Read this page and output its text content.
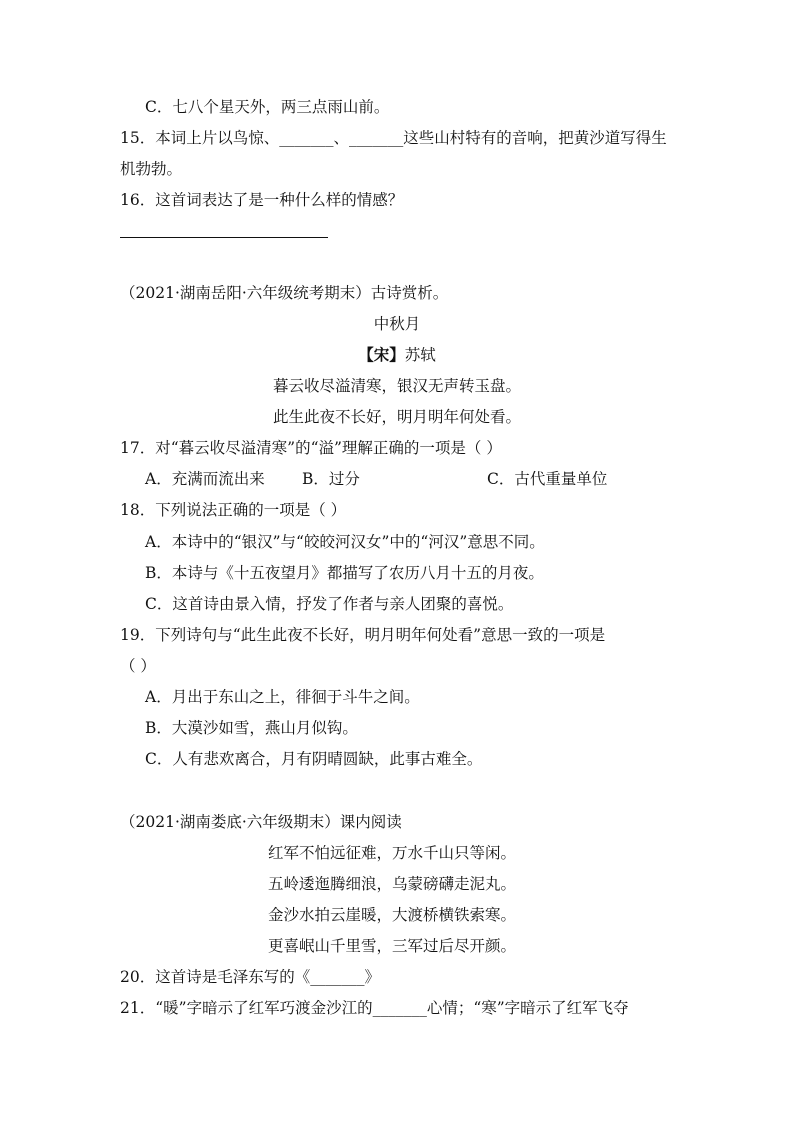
C．七八个星天外，两三点雨山前。
15．本词上片以鸟惊、_______、_______这些山村特有的音响，把黄沙道写得生
机勃勃。
16．这首词表达了是一种什么样的情感？
（2021·湖南岳阳·六年级统考期末）古诗赏析。
中秋月
【宋】苏轼
暮云收尽溢清寒，银汉无声转玉盘。
此生此夜不长好，明月明年何处看。
17．对“暮云收尽溢清寒”的“溢”理解正确的一项是（ ）
A．充满而流出来 B．过分	C．古代重量单位
18．下列说法正确的一项是（ ）
A．本诗中的“银汉”与“皎皎河汉女”中的“河汉”意思不同。
B．本诗与《十五夜望月》都描写了农历八月十五的月夜。
C．这首诗由景入情，抒发了作者与亲人团聚的喜悦。
19．下列诗句与“此生此夜不长好，明月明年何处看”意思一致的一项是
（ ）
A．月出于东山之上，徘徊于斗牛之间。
B．大漠沙如雪，燕山月似钩。
C．人有悲欢离合，月有阴晴圆缺，此事古难全。
（2021·湖南娄底·六年级期末）课内阅读
红军不怕远征难，万水千山只等闲。
五岭逶迤腾细浪，乌蒙磅礴走泥丸。
金沙水拍云崖暖，大渡桥横铁索寒。
更喜岷山千里雪，三军过后尽开颜。
20．这首诗是毛泽东写的《_______》
21．“暖”字暗示了红军巧渡金沙江的_______心情；“寒”字暗示了红军飞夺
